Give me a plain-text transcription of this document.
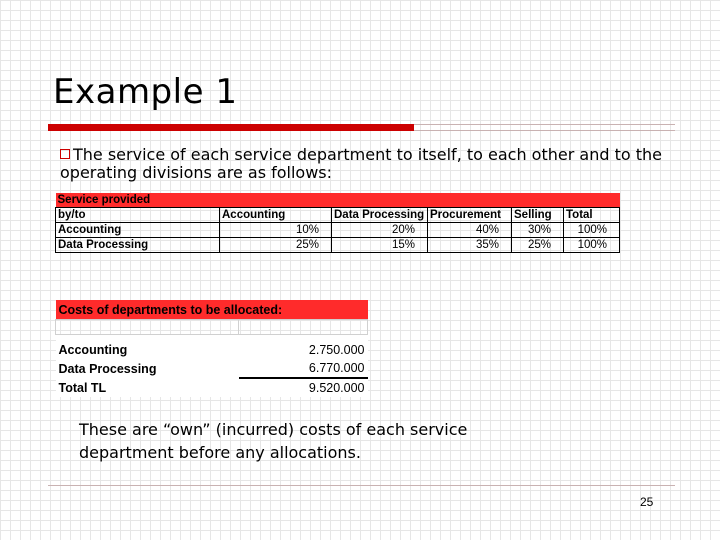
Example 1
The service of each service department to itself, to each other and to the operating divisions are as follows:
Service provided					
by/to	Accounting	Data Processing	Procurement	Selling	Total
Accounting	10%	20%	40%	30%	100%
Data Processing	25%	15%	35%	25%	100%
Costs of departments to be allocated:	

Accounting	2.750.000
Data Processing	6.770.000
Total TL	9.520.000
These are “own” (incurred) costs of each service department before any allocations.
25
